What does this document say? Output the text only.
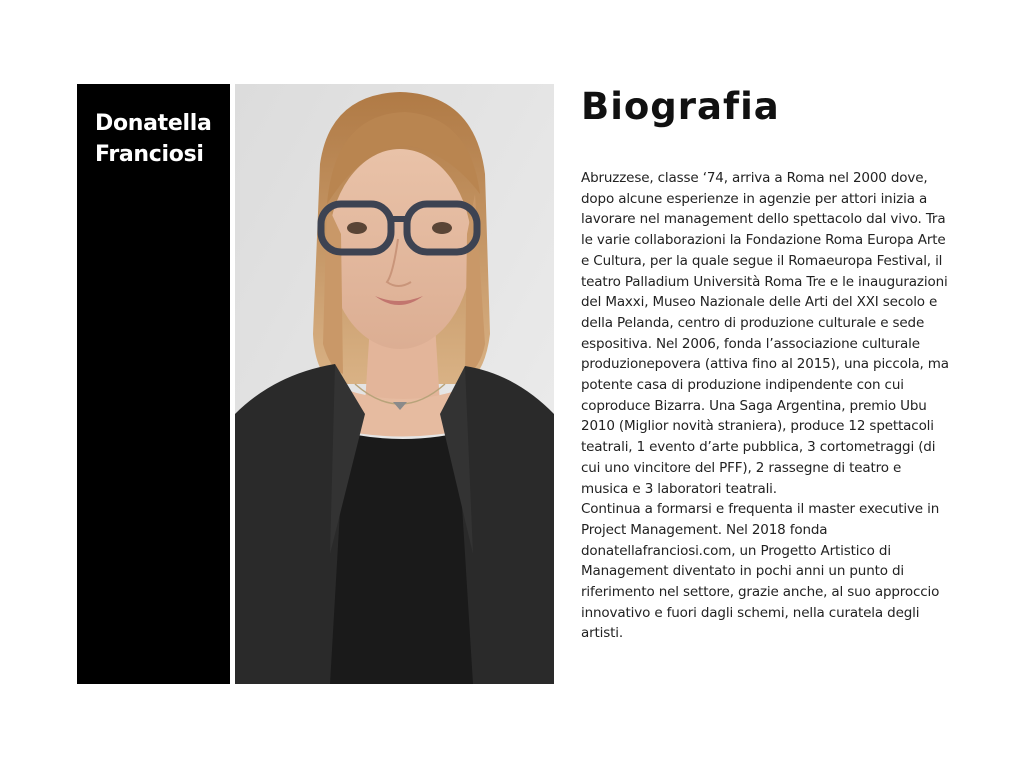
Donatella
Franciosi
Biografia

Abruzzese, classe ‘74, arriva a Roma nel 2000 dove, dopo alcune esperienze in agenzie per attori inizia a lavorare nel management dello spettacolo dal vivo. Tra le varie collaborazioni la Fondazione Roma Europa Arte e Cultura, per la quale segue il Romaeuropa Festival, il teatro Palladium Università Roma Tre e le inaugurazioni del Maxxi, Museo Nazionale delle Arti del XXI secolo e della Pelanda, centro di produzione culturale e sede espositiva. Nel 2006, fonda l’associazione culturale produzionepovera (attiva fino al 2015), una piccola, ma potente casa di produzione indipendente con cui coproduce Bizarra. Una Saga Argentina, premio Ubu 2010 (Miglior novità straniera), produce 12 spettacoli teatrali, 1 evento d’arte pubblica, 3 cortometraggi (di cui uno vincitore del PFF), 2 rassegne di teatro e musica e 3 laboratori teatrali.

Continua a formarsi e frequenta il master executive in Project Management. Nel 2018 fonda donatellafranciosi.com, un Progetto Artistico di Management diventato in pochi anni un punto di riferimento nel settore, grazie anche, al suo approccio innovativo e fuori dagli schemi, nella curatela degli artisti.
